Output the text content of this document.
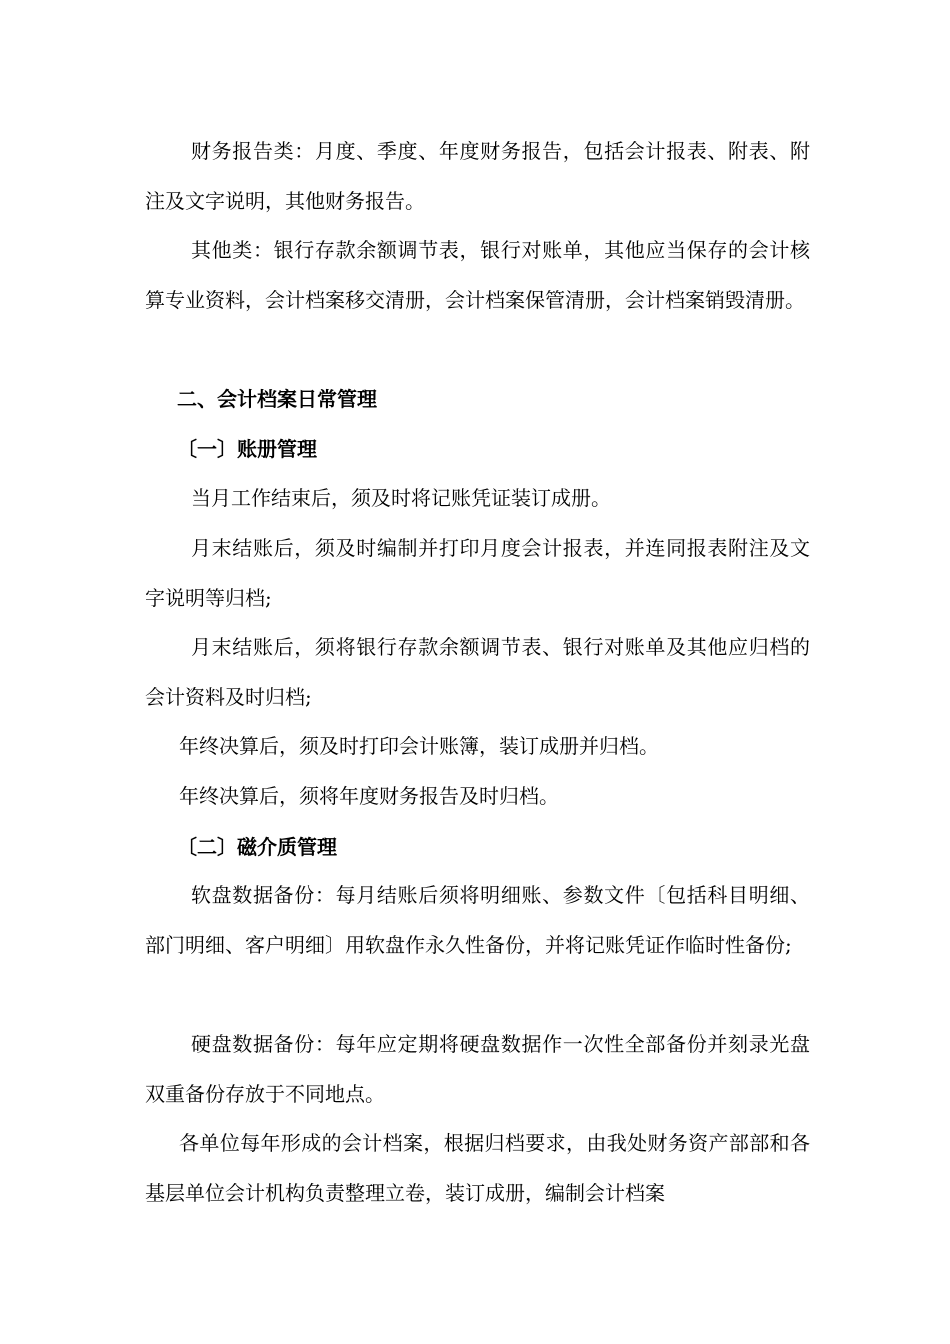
财务报告类：月度、季度、年度财务报告，包括会计报表、附表、附注及文字说明，其他财务报告。

其他类：银行存款余额调节表，银行对账单，其他应当保存的会计核算专业资料，会计档案移交清册，会计档案保管清册，会计档案销毁清册。

二、会计档案日常管理

〔一〕账册管理

当月工作结束后，须及时将记账凭证装订成册。

月末结账后，须及时编制并打印月度会计报表，并连同报表附注及文字说明等归档;

月末结账后，须将银行存款余额调节表、银行对账单及其他应归档的会计资料及时归档;

年终决算后，须及时打印会计账簿，装订成册并归档。

年终决算后，须将年度财务报告及时归档。

〔二〕磁介质管理

软盘数据备份：每月结账后须将明细账、参数文件〔包括科目明细、部门明细、客户明细〕用软盘作永久性备份，并将记账凭证作临时性备份;

硬盘数据备份：每年应定期将硬盘数据作一次性全部备份并刻录光盘双重备份存放于不同地点。

各单位每年形成的会计档案，根据归档要求，由我处财务资产部部和各基层单位会计机构负责整理立卷，装订成册，编制会计档案
